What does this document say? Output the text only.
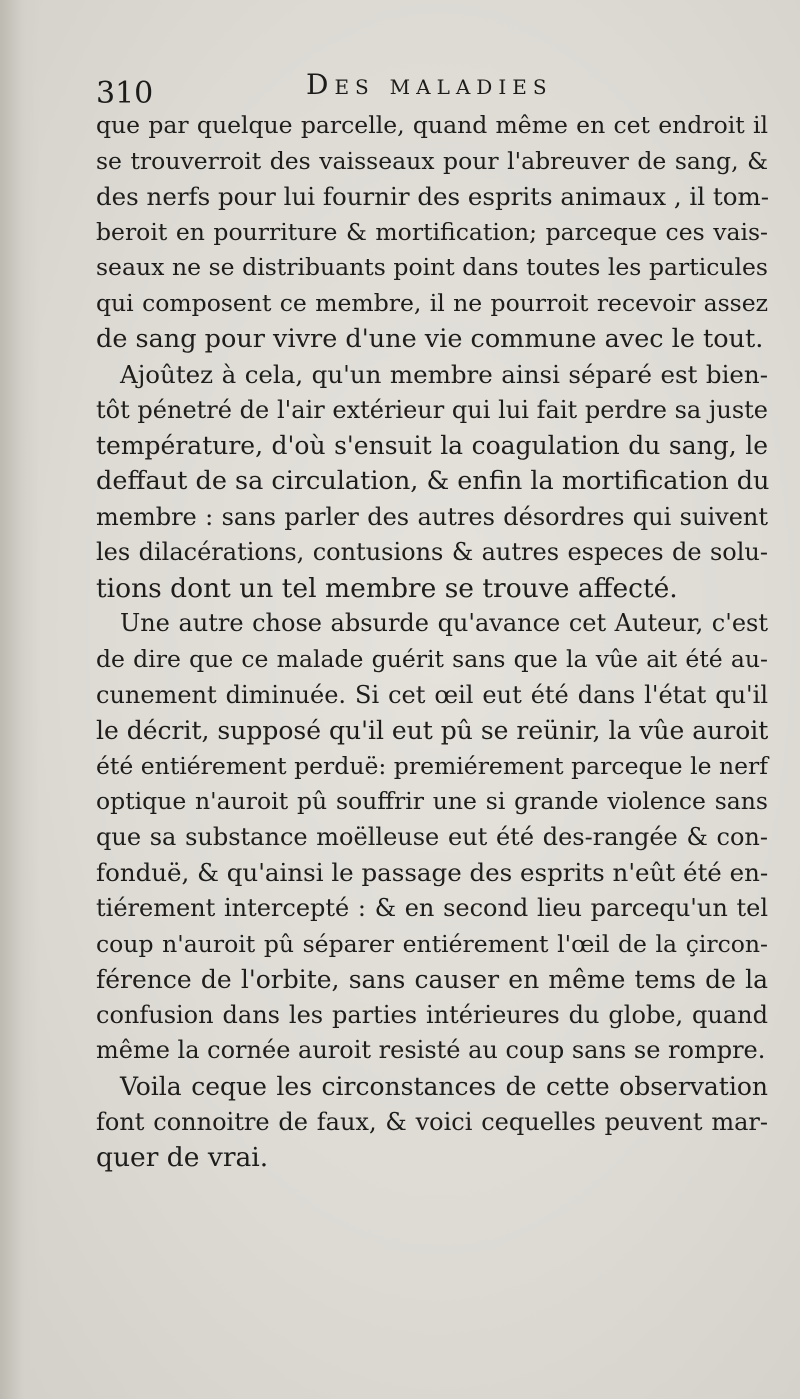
310	Des maladies
que par quelque parcelle, quand même en cet endroit il
se trouverroit des vaisseaux pour l'abreuver de sang, &
des nerfs pour lui fournir des esprits animaux , il tom-
beroit en pourriture & mortification; parceque ces vais-
seaux ne se distribuants point dans toutes les particules
qui composent ce membre, il ne pourroit recevoir assez
de sang pour vivre d'une vie commune avec le tout.
Ajoûtez à cela, qu'un membre ainsi séparé est bien-
tôt pénetré de l'air extérieur qui lui fait perdre sa juste
température, d'où s'ensuit la coagulation du sang, le
deffaut de sa circulation, & enfin la mortification du
membre : sans parler des autres désordres qui suivent
les dilacérations, contusions & autres especes de solu-
tions dont un tel membre se trouve affecté.
Une autre chose absurde qu'avance cet Auteur, c'est
de dire que ce malade guérit sans que la vûe ait été au-
cunement diminuée. Si cet œil eut été dans l'état qu'il
le décrit, supposé qu'il eut pû se reünir, la vûe auroit
été entiérement perduë: premiérement parceque le nerf
optique n'auroit pû souffrir une si grande violence sans
que sa substance moëlleuse eut été des-rangée & con-
fonduë, & qu'ainsi le passage des esprits n'eût été en-
tiérement intercepté : & en second lieu parcequ'un tel
coup n'auroit pû séparer entiérement l'œil de la çircon-
férence de l'orbite, sans causer en même tems de la
confusion dans les parties intérieures du globe, quand
même la cornée auroit resisté au coup sans se rompre.
Voila ceque les circonstances de cette observation
font connoitre de faux, & voici cequelles peuvent mar-
quer de vrai.
